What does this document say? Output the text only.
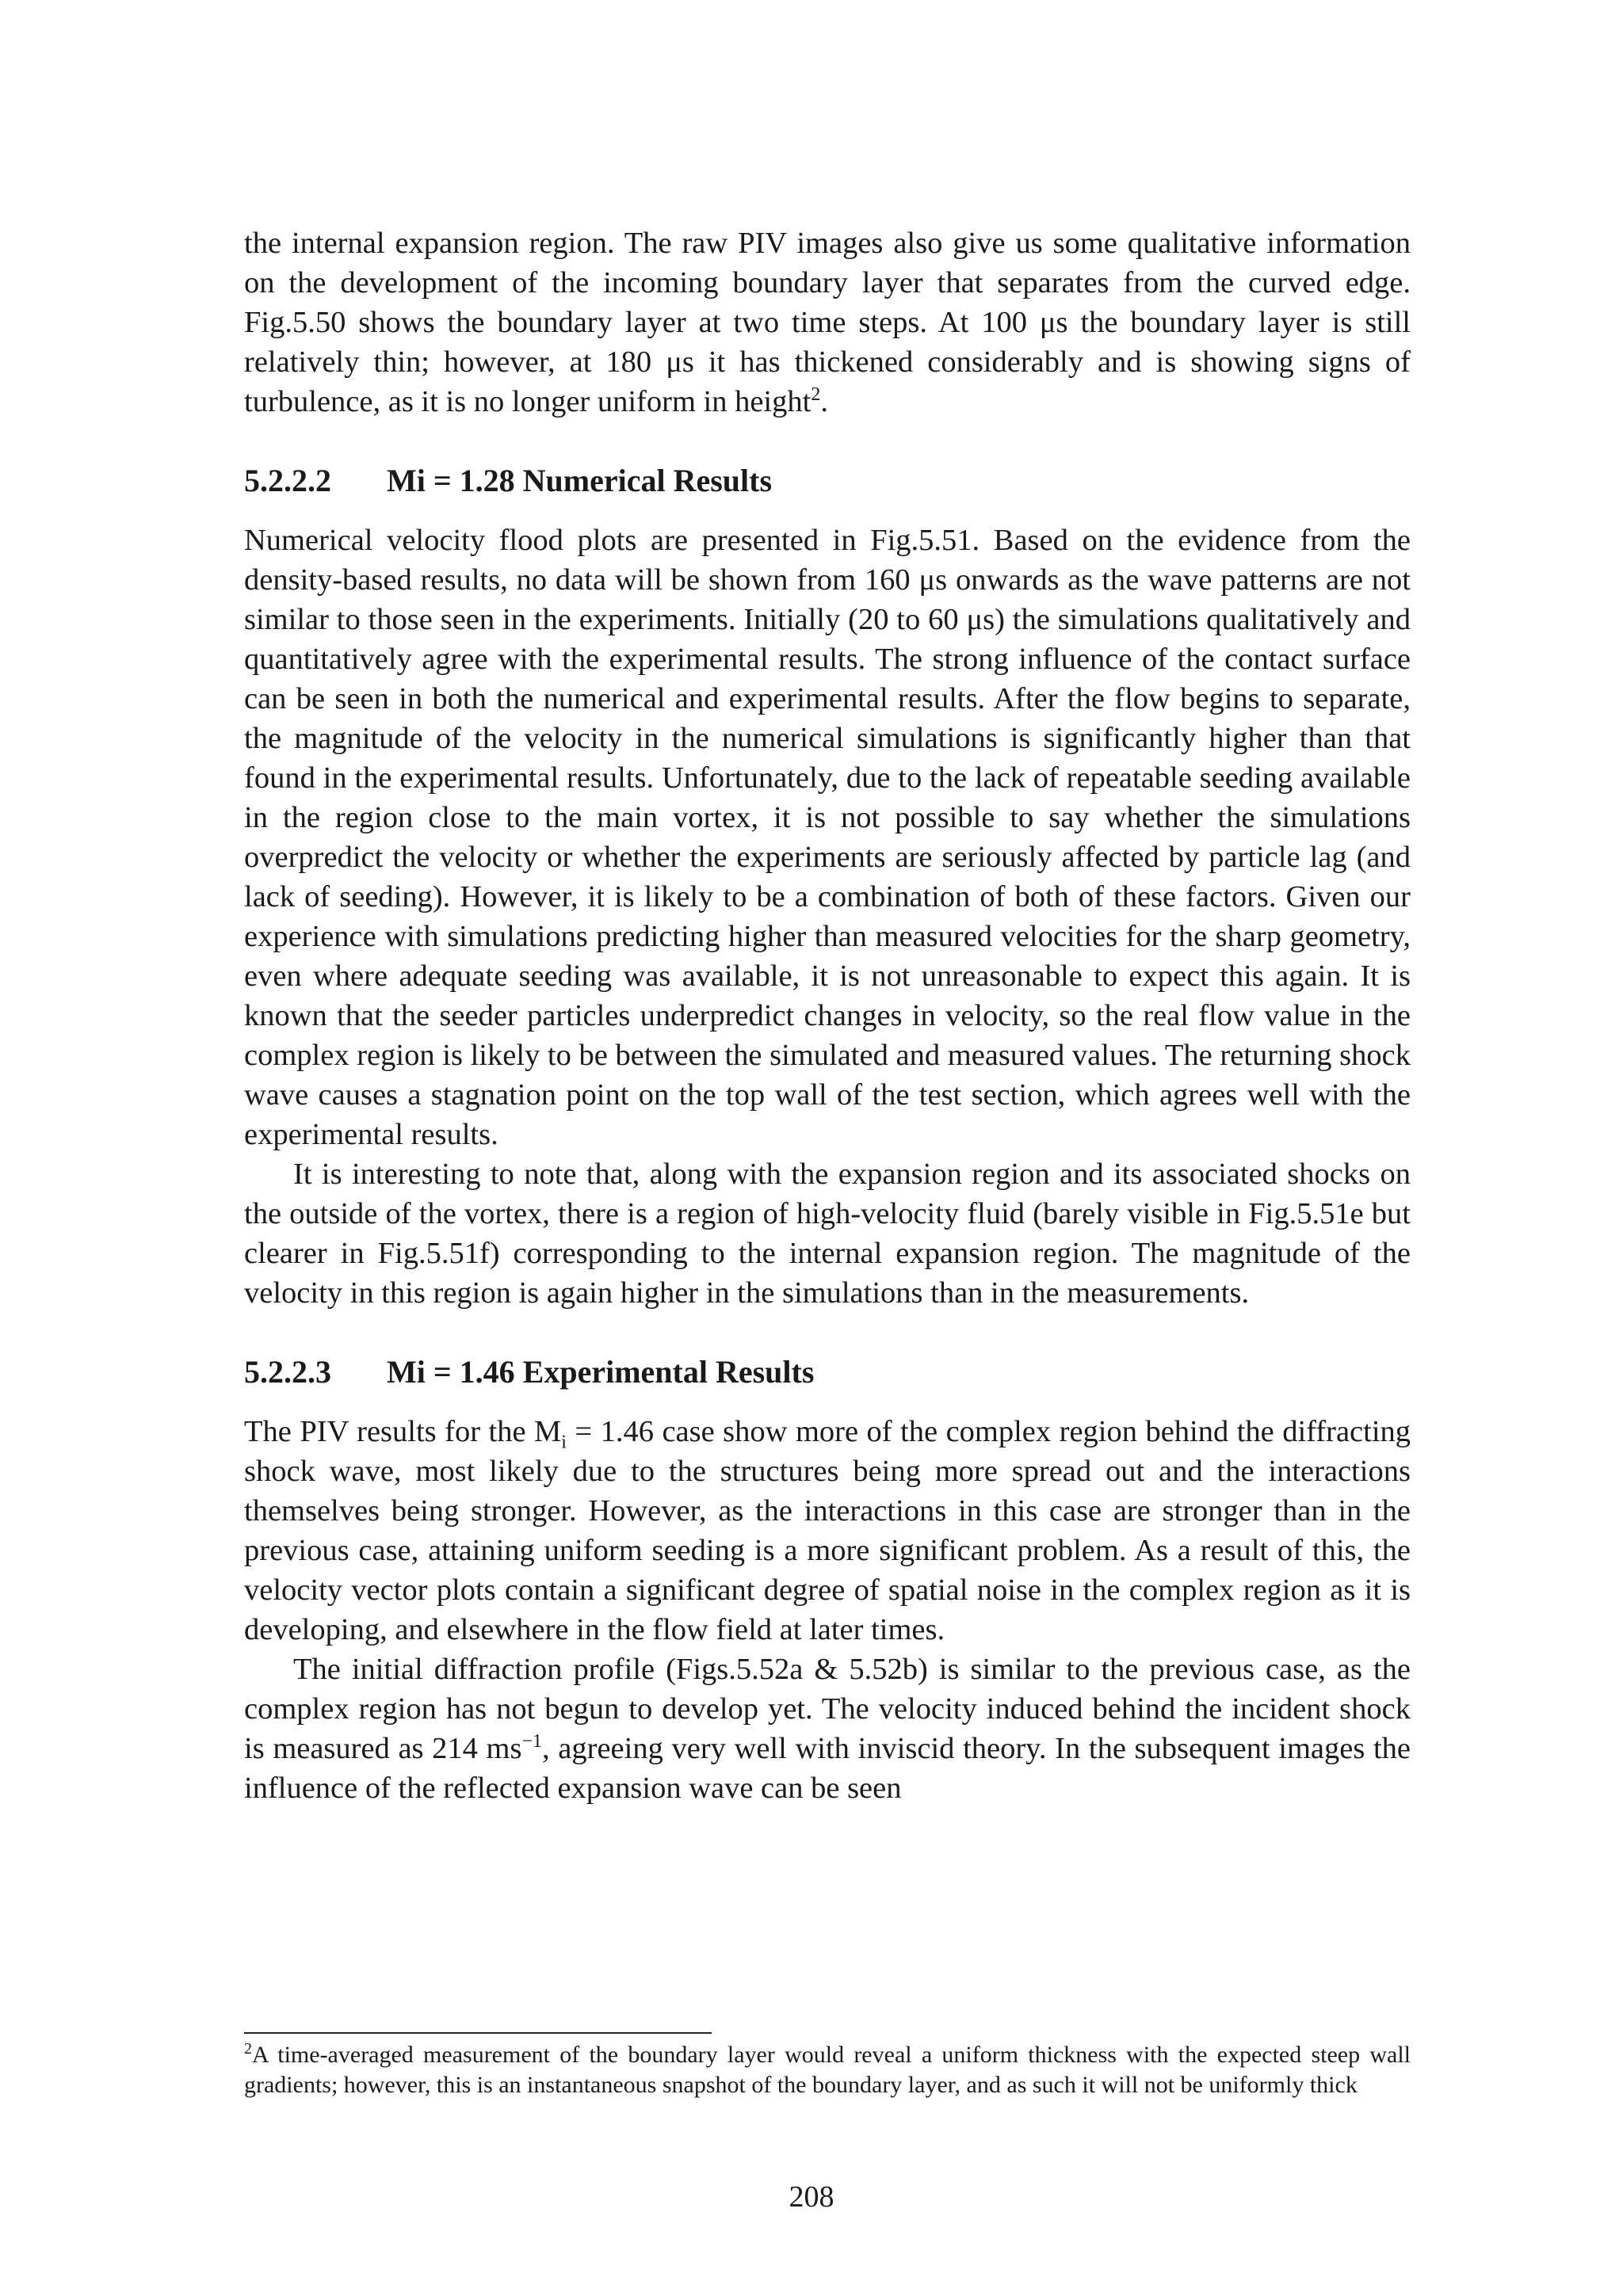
the internal expansion region. The raw PIV images also give us some qualitative information on the development of the incoming boundary layer that separates from the curved edge. Fig.5.50 shows the boundary layer at two time steps. At 100 μs the boundary layer is still relatively thin; however, at 180 μs it has thickened considerably and is showing signs of turbulence, as it is no longer uniform in height$^2$.

5.2.2.2 Mi = 1.28 Numerical Results

Numerical velocity flood plots are presented in Fig.5.51. Based on the evidence from the density-based results, no data will be shown from 160 μs onwards as the wave patterns are not similar to those seen in the experiments. Initially (20 to 60 μs) the simulations qualitatively and quantitatively agree with the experimental results. The strong influence of the contact surface can be seen in both the numerical and experimental results. After the flow begins to separate, the magnitude of the velocity in the numerical simulations is significantly higher than that found in the experimental results. Unfortunately, due to the lack of repeatable seeding available in the region close to the main vortex, it is not possible to say whether the simulations overpredict the velocity or whether the experiments are seriously affected by particle lag (and lack of seeding). However, it is likely to be a combination of both of these factors. Given our experience with simulations predicting higher than measured velocities for the sharp geometry, even where adequate seeding was available, it is not unreasonable to expect this again. It is known that the seeder particles underpredict changes in velocity, so the real flow value in the complex region is likely to be between the simulated and measured values. The returning shock wave causes a stagnation point on the top wall of the test section, which agrees well with the experimental results.

It is interesting to note that, along with the expansion region and its associated shocks on the outside of the vortex, there is a region of high-velocity fluid (barely visible in Fig.5.51e but clearer in Fig.5.51f) corresponding to the internal expansion region. The magnitude of the velocity in this region is again higher in the simulations than in the measurements.

5.2.2.3 Mi = 1.46 Experimental Results

The PIV results for the $M_i = 1.46$ case show more of the complex region behind the diffracting shock wave, most likely due to the structures being more spread out and the interactions themselves being stronger. However, as the interactions in this case are stronger than in the previous case, attaining uniform seeding is a more significant problem. As a result of this, the velocity vector plots contain a significant degree of spatial noise in the complex region as it is developing, and elsewhere in the flow field at later times.

The initial diffraction profile (Figs.5.52a & 5.52b) is similar to the previous case, as the complex region has not begun to develop yet. The velocity induced behind the incident shock is measured as 214 $ms^{-1}$, agreeing very well with inviscid theory. In the subsequent images the influence of the reflected expansion wave can be seen

$^2$A time-averaged measurement of the boundary layer would reveal a uniform thickness with the expected steep wall gradients; however, this is an instantaneous snapshot of the boundary layer, and as such it will not be uniformly thick

208
